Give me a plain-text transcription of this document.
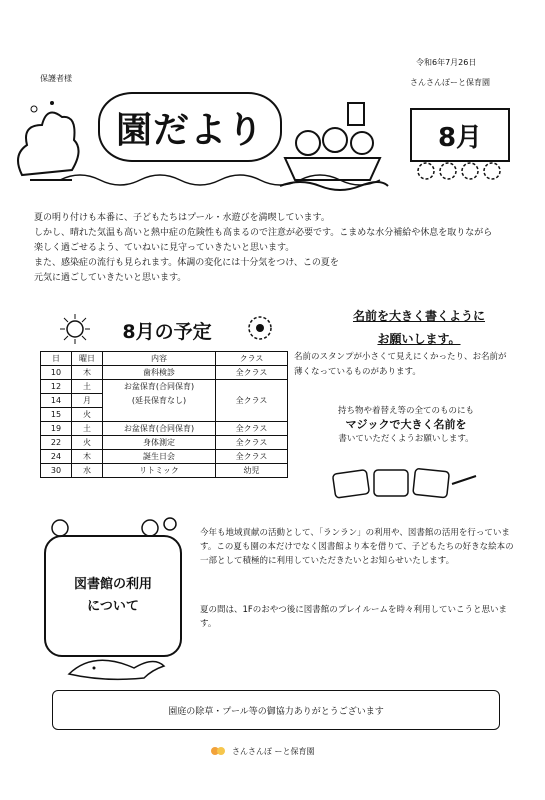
保護者様
令和6年7月26日
さんさんぽーと保育園
園だより	8月
夏の明り付けも本番に、子どもたちはプール・水遊びを満喫しています。
しかし、晴れた気温も高いと熱中症の危険性も高まるので注意が必要です。こまめな水分補給や休息を取りながら
楽しく過ごせるよう、ていねいに見守っていきたいと思います。
また、感染症の流行も見られます。体調の変化には十分気をつけ、この夏を
元気に過ごしていきたいと思います。
8月の予定
日	曜日	内容	クラス
10	木	歯科検診	全クラス
12	土	お盆保育(合同保育)	
14	月	(延長保育なし)	全クラス
15	火		
19	土	お盆保育(合同保育)	全クラス
22	火	身体測定	全クラス
24	木	誕生日会	全クラス
30	水	リトミック	幼児
名前を大きく書くように
お願いします。
名前のスタンプが小さくて見えにくかったり、お名前が薄くなっているものがあります。
持ち物や着替え等の全てのものにも
マジックで大きく名前を
書いていただくようお願いします。
図書館の利用
について
今年も地域貢献の活動として、「ランラン」の利用や、図書館の活用を行っています。この夏も園の本だけでなく図書館より本を借りて、子どもたちの好きな絵本の一部として積極的に利用していただきたいとお知らせいたします。
夏の間は、1Fのおやつ後に図書館のプレイルームを時々利用していこうと思います。
園庭の除草・プール等の御協力ありがとうございます
さんさんぽ ーと保育園
